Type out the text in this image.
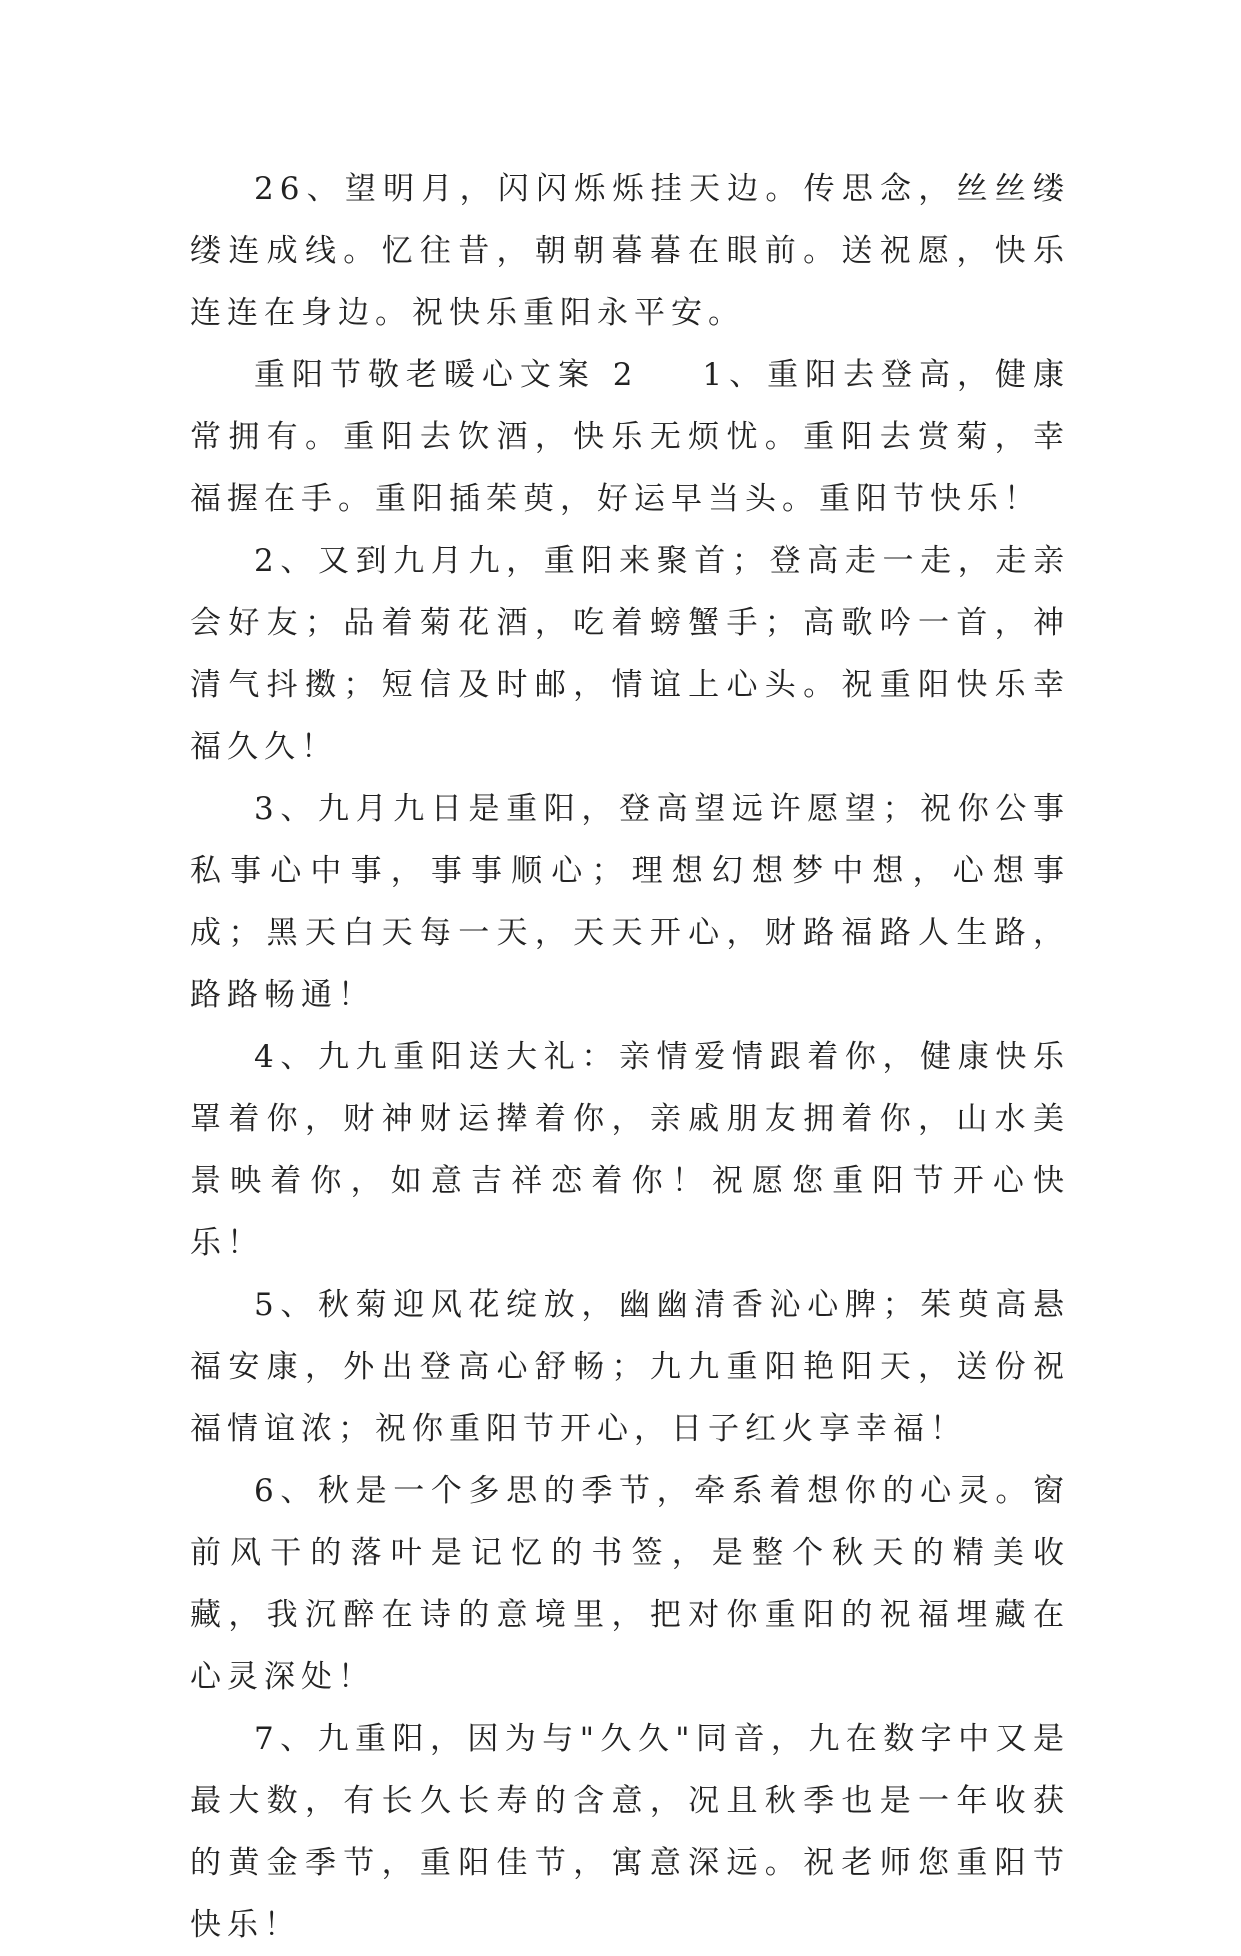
26、望明月，闪闪烁烁挂天边。传思念，丝丝缕缕连成线。忆往昔，朝朝暮暮在眼前。送祝愿，快乐连连在身边。祝快乐重阳永平安。

重阳节敬老暖心文案 2 1、重阳去登高，健康常拥有。重阳去饮酒，快乐无烦忧。重阳去赏菊，幸福握在手。重阳插茱萸，好运早当头。重阳节快乐！

2、又到九月九，重阳来聚首；登高走一走，走亲会好友；品着菊花酒，吃着螃蟹手；高歌吟一首，神清气抖擞；短信及时邮，情谊上心头。祝重阳快乐幸福久久！

3、九月九日是重阳，登高望远许愿望；祝你公事私事心中事，事事顺心；理想幻想梦中想，心想事成；黑天白天每一天，天天开心，财路福路人生路，路路畅通！

4、九九重阳送大礼：亲情爱情跟着你，健康快乐罩着你，财神财运撵着你，亲戚朋友拥着你，山水美景映着你，如意吉祥恋着你！祝愿您重阳节开心快乐！

5、秋菊迎风花绽放，幽幽清香沁心脾；茱萸高悬福安康，外出登高心舒畅；九九重阳艳阳天，送份祝福情谊浓；祝你重阳节开心，日子红火享幸福！

6、秋是一个多思的季节，牵系着想你的心灵。窗前风干的落叶是记忆的书签，是整个秋天的精美收藏，我沉醉在诗的意境里，把对你重阳的祝福埋藏在心灵深处！

7、九重阳，因为与"久久"同音，九在数字中又是最大数，有长久长寿的含意，况且秋季也是一年收获的黄金季节，重阳佳节，寓意深远。祝老师您重阳节快乐！
